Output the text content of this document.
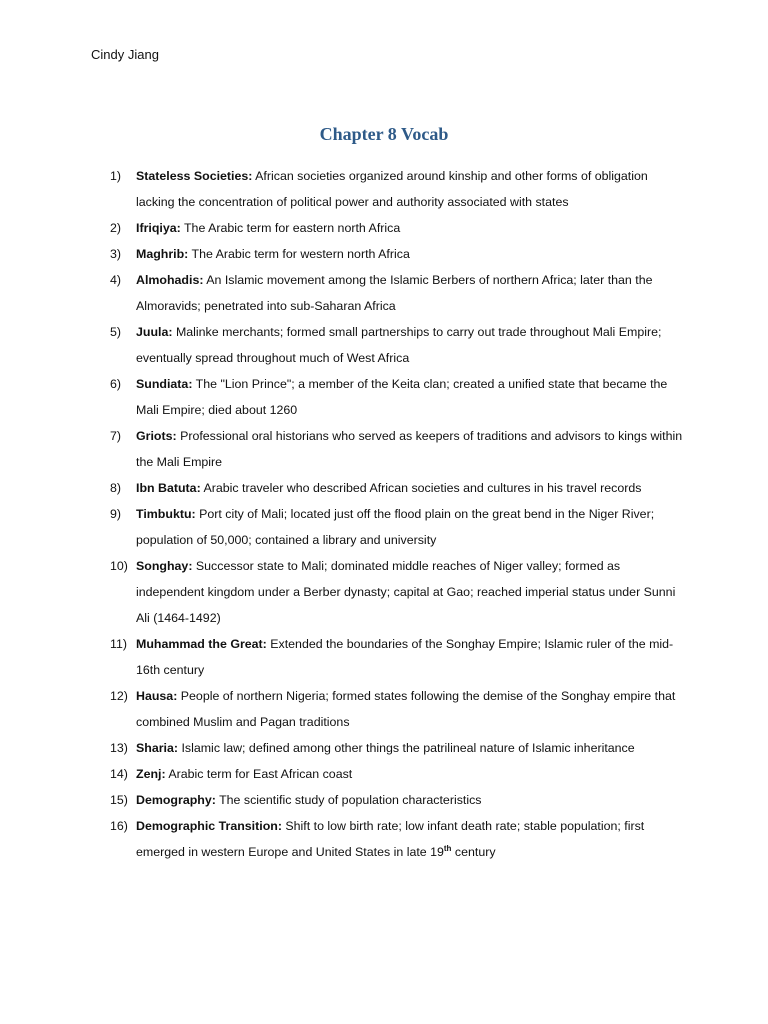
Cindy Jiang
Chapter 8 Vocab
1)	Stateless Societies: African societies organized around kinship and other forms of obligation lacking the concentration of political power and authority associated with states
2)	Ifriqiya: The Arabic term for eastern north Africa
3)	Maghrib: The Arabic term for western north Africa
4)	Almohadis: An Islamic movement among the Islamic Berbers of northern Africa; later than the Almoravids; penetrated into sub-Saharan Africa
5)	Juula: Malinke merchants; formed small partnerships to carry out trade throughout Mali Empire; eventually spread throughout much of West Africa
6)	Sundiata: The "Lion Prince"; a member of the Keita clan; created a unified state that became the Mali Empire; died about 1260
7)	Griots: Professional oral historians who served as keepers of traditions and advisors to kings within the Mali Empire
8)	Ibn Batuta: Arabic traveler who described African societies and cultures in his travel records
9)	Timbuktu: Port city of Mali; located just off the flood plain on the great bend in the Niger River; population of 50,000; contained a library and university
10) Songhay: Successor state to Mali; dominated middle reaches of Niger valley; formed as independent kingdom under a Berber dynasty; capital at Gao; reached imperial status under Sunni Ali (1464-1492)
11) Muhammad the Great: Extended the boundaries of the Songhay Empire; Islamic ruler of the mid-16th century
12) Hausa: People of northern Nigeria; formed states following the demise of the Songhay empire that combined Muslim and Pagan traditions
13) Sharia: Islamic law; defined among other things the patrilineal nature of Islamic inheritance
14) Zenj: Arabic term for East African coast
15) Demography: The scientific study of population characteristics
16) Demographic Transition: Shift to low birth rate; low infant death rate; stable population; first emerged in western Europe and United States in late 19th century
